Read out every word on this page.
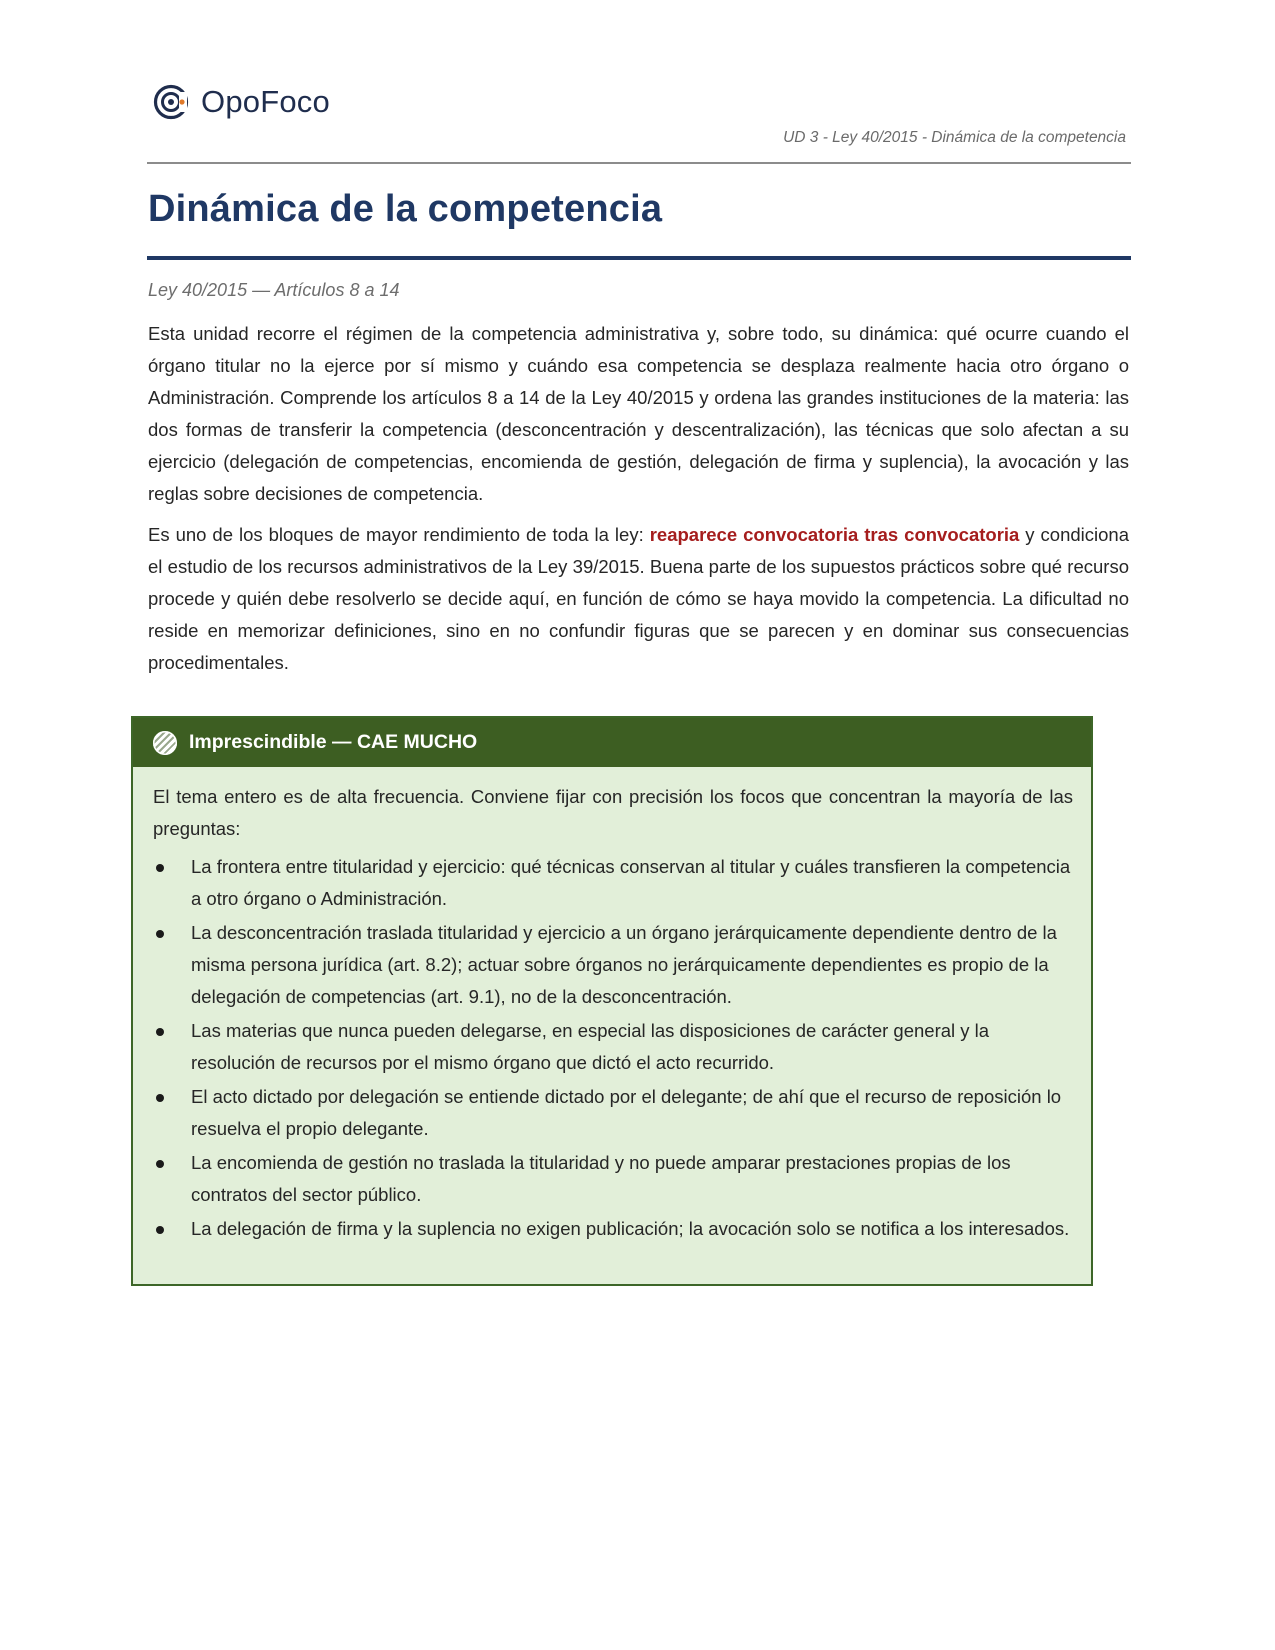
OpoFoco
UD 3 - Ley 40/2015 - Dinámica de la competencia
Dinámica de la competencia
Ley 40/2015 — Artículos 8 a 14

Esta unidad recorre el régimen de la competencia administrativa y, sobre todo, su dinámica: qué ocurre cuando el órgano titular no la ejerce por sí mismo y cuándo esa competencia se desplaza realmente hacia otro órgano o Administración. Comprende los artículos 8 a 14 de la Ley 40/2015 y ordena las grandes instituciones de la materia: las dos formas de transferir la competencia (desconcentración y descentralización), las técnicas que solo afectan a su ejercicio (delegación de competencias, encomienda de gestión, delegación de firma y suplencia), la avocación y las reglas sobre decisiones de competencia.

Es uno de los bloques de mayor rendimiento de toda la ley: reaparece convocatoria tras convocatoria y condiciona el estudio de los recursos administrativos de la Ley 39/2015. Buena parte de los supuestos prácticos sobre qué recurso procede y quién debe resolverlo se decide aquí, en función de cómo se haya movido la competencia. La dificultad no reside en memorizar definiciones, sino en no confundir figuras que se parecen y en dominar sus consecuencias procedimentales.

Imprescindible — CAE MUCHO

El tema entero es de alta frecuencia. Conviene fijar con precisión los focos que concentran la mayoría de las preguntas:

La frontera entre titularidad y ejercicio: qué técnicas conservan al titular y cuáles transfieren la competencia a otro órgano o Administración.
La desconcentración traslada titularidad y ejercicio a un órgano jerárquicamente dependiente dentro de la misma persona jurídica (art. 8.2); actuar sobre órganos no jerárquicamente dependientes es propio de la delegación de competencias (art. 9.1), no de la desconcentración.
Las materias que nunca pueden delegarse, en especial las disposiciones de carácter general y la resolución de recursos por el mismo órgano que dictó el acto recurrido.
El acto dictado por delegación se entiende dictado por el delegante; de ahí que el recurso de reposición lo resuelva el propio delegante.
La encomienda de gestión no traslada la titularidad y no puede amparar prestaciones propias de los contratos del sector público.
La delegación de firma y la suplencia no exigen publicación; la avocación solo se notifica a los interesados.
